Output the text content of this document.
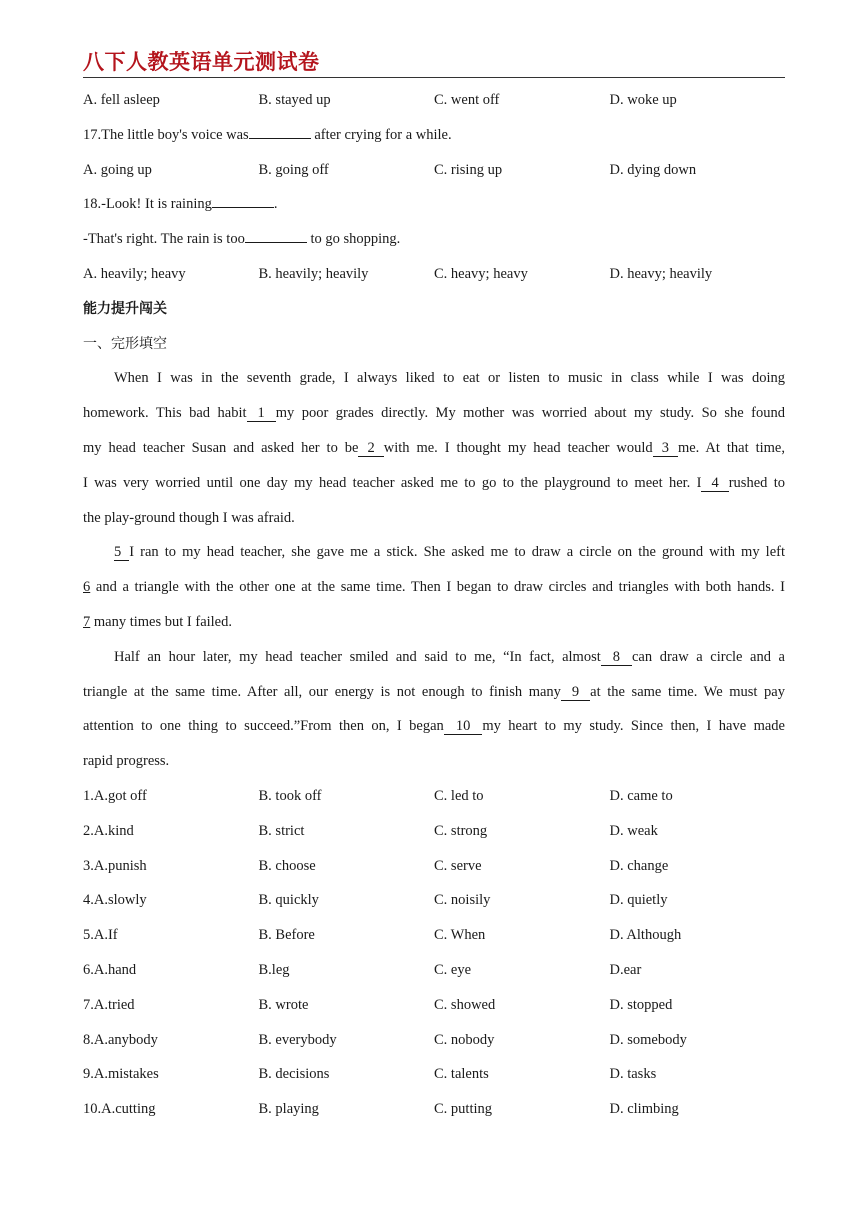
八下人教英语单元测试卷
A. fell asleep	B. stayed up	C. went off	D. woke up
17.The little boy's voice was	after crying for a while.
A. going up	B. going off	C. rising up	D. dying down
18.-Look! It is raining	.
-That's right. The rain is too	to go shopping.
A. heavily; heavy	B. heavily; heavily	C. heavy; heavy	D. heavy; heavily
能力提升闯关
一、完形填空
When I was in the seventh grade, I always liked to eat or listen to music in class while I was doing
homework. This bad habit 1 my poor grades directly. My mother was worried about my study. So she found
my head teacher Susan and asked her to be 2 with me. I thought my head teacher would 3 me. At that time,
I was very worried until one day my head teacher asked me to go to the playground to meet her. I 4 rushed to
the play-ground though I was afraid.
5 I ran to my head teacher, she gave me a stick. She asked me to draw a circle on the ground with my left
6 and a triangle with the other one at the same time. Then I began to draw circles and triangles with both hands. I
7 many times but I failed.
Half an hour later, my head teacher smiled and said to me, “In fact, almost 8 can draw a circle and a
triangle at the same time. After all, our energy is not enough to finish many 9 at the same time. We must pay
attention to one thing to succeed.”From then on, I began 10 my heart to my study. Since then, I have made
rapid progress.
1.A.got off	B. took off	C. led to	D. came to
2.A.kind	B. strict	C. strong	D. weak
3.A.punish	B. choose	C. serve	D. change
4.A.slowly	B. quickly	C. noisily	D. quietly
5.A.If	B. Before	C. When	D. Although
6.A.hand	B.leg	C. eye	D.ear
7.A.tried	B. wrote	C. showed	D. stopped
8.A.anybody	B. everybody	C. nobody	D. somebody
9.A.mistakes	B. decisions	C. talents	D. tasks
10.A.cutting	B. playing	C. putting	D. climbing
